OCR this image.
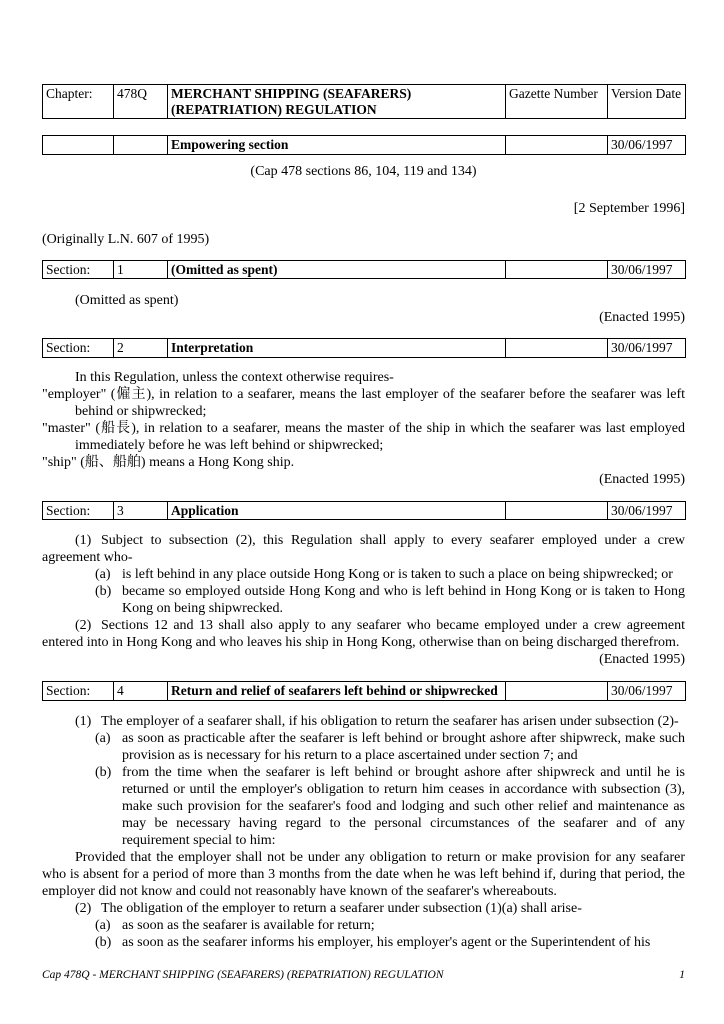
Chapter:	478Q	MERCHANT SHIPPING (SEAFARERS) (REPATRIATION) REGULATION	Gazette Number	Version Date
		Empowering section		30/06/1997

(Cap 478 sections 86, 104, 119 and 134)

[2 September 1996]

(Originally L.N. 607 of 1995)

Section:	1	(Omitted as spent)		30/06/1997

(Omitted as spent)

(Enacted 1995)

Section:	2	Interpretation		30/06/1997

In this Regulation, unless the context otherwise requires-

"employer" (僱主), in relation to a seafarer, means the last employer of the seafarer before the seafarer was left behind or shipwrecked;

"master" (船長), in relation to a seafarer, means the master of the ship in which the seafarer was last employed immediately before he was left behind or shipwrecked;

"ship" (船、船舶) means a Hong Kong ship.

(Enacted 1995)

Section:	3	Application		30/06/1997

(1) Subject to subsection (2), this Regulation shall apply to every seafarer employed under a crew agreement who-

(a) is left behind in any place outside Hong Kong or is taken to such a place on being shipwrecked; or

(b) became so employed outside Hong Kong and who is left behind in Hong Kong or is taken to Hong Kong on being shipwrecked.

(2) Sections 12 and 13 shall also apply to any seafarer who became employed under a crew agreement entered into in Hong Kong and who leaves his ship in Hong Kong, otherwise than on being discharged therefrom.

(Enacted 1995)

Section:	4	Return and relief of seafarers left behind or shipwrecked		30/06/1997

(1) The employer of a seafarer shall, if his obligation to return the seafarer has arisen under subsection (2)-

(a) as soon as practicable after the seafarer is left behind or brought ashore after shipwreck, make such provision as is necessary for his return to a place ascertained under section 7; and

(b) from the time when the seafarer is left behind or brought ashore after shipwreck and until he is returned or until the employer's obligation to return him ceases in accordance with subsection (3), make such provision for the seafarer's food and lodging and such other relief and maintenance as may be necessary having regard to the personal circumstances of the seafarer and of any requirement special to him:

Provided that the employer shall not be under any obligation to return or make provision for any seafarer who is absent for a period of more than 3 months from the date when he was left behind if, during that period, the employer did not know and could not reasonably have known of the seafarer's whereabouts.

(2) The obligation of the employer to return a seafarer under subsection (1)(a) shall arise-

(a) as soon as the seafarer is available for return;

(b) as soon as the seafarer informs his employer, his employer's agent or the Superintendent of his

Cap 478Q - MERCHANT SHIPPING (SEAFARERS) (REPATRIATION) REGULATION	1
